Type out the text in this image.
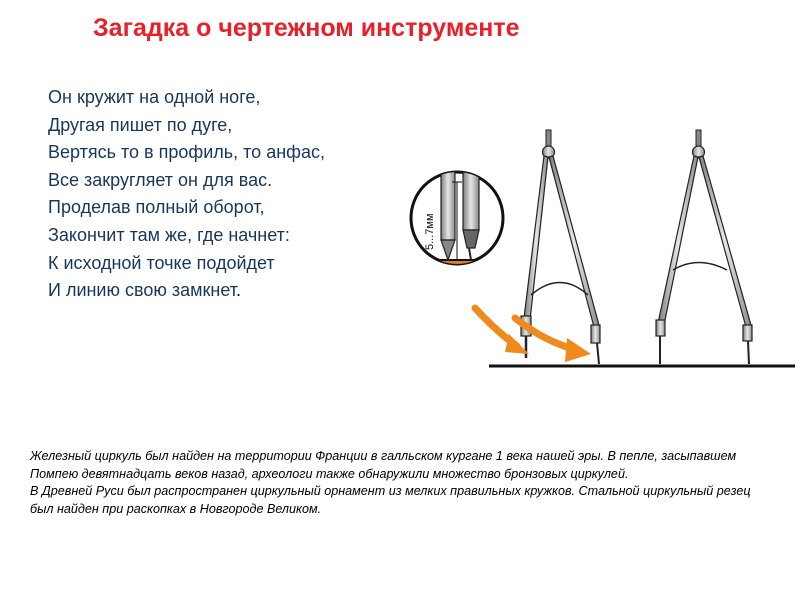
Загадка о чертежном инструменте
Он кружит на одной ноге,
Другая пишет по дуге,
Вертясь то в профиль, то анфас,
Все закругляет он для вас.
Проделав полный оборот,
Закончит там же, где начнет:
К исходной точке подойдет
И линию свою замкнет.
5...7мм

Железный циркуль был найден на территории Франции в галльском кургане 1 века нашей эры. В пепле, засыпавшем Помпею девятнадцать веков назад, археологи также обнаружили множество бронзовых циркулей.

В Древней Руси был распространен циркульный орнамент из мелких правильных кружков. Стальной циркульный резец был найден при раскопках в Новгороде Великом.
